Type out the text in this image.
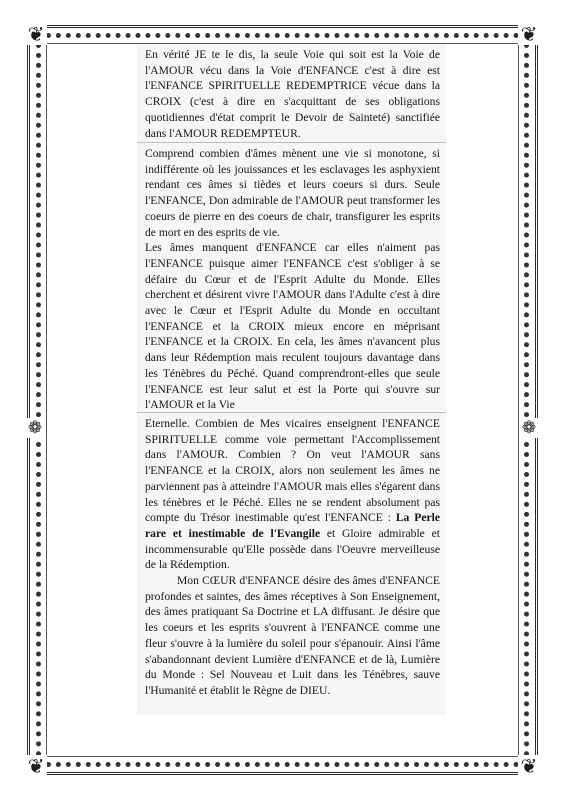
❦	❦
❦	❦
❁	❁

En vérité JE te le dis, la seule Voie qui soit est la Voie de l'AMOUR vécu dans la Voie d'ENFANCE c'est à dire est l'ENFANCE SPIRITUELLE REDEMPTRICE vécue dans la CROIX (c'est à dire en s'acquittant de ses obligations quotidiennes d'état comprit le Devoir de Sainteté) sanctifiée dans l'AMOUR REDEMPTEUR.

Comprend combien d'âmes mènent une vie si monotone, si indifférente où les jouissances et les esclavages les asphyxient rendant ces âmes si tièdes et leurs coeurs si durs. Seule l'ENFANCE, Don admirable de l'AMOUR peut transformer les coeurs de pierre en des coeurs de chair, transfigurer les esprits de mort en des esprits de vie.

Les âmes manquent d'ENFANCE car elles n'aiment pas l'ENFANCE puisque aimer l'ENFANCE c'est s'obliger à se défaire du Cœur et de l'Esprit Adulte du Monde. Elles cherchent et désirent vivre l'AMOUR dans l'Adulte c'est à dire avec le Cœur et l'Esprit Adulte du Monde en occultant l'ENFANCE et la CROIX mieux encore en méprisant l'ENFANCE et la CROIX. En cela, les âmes n'avancent plus dans leur Rédemption mais reculent toujours davantage dans les Ténèbres du Péché. Quand comprendront-elles que seule l'ENFANCE est leur salut et est la Porte qui s'ouvre sur l'AMOUR et la Vie

Eternelle. Combien de Mes vicaires enseignent l'ENFANCE SPIRITUELLE comme voie permettant l'Accomplissement dans l'AMOUR. Combien ? On veut l'AMOUR sans l'ENFANCE et la CROIX, alors non seulement les âmes ne parviennent pas à atteindre l'AMOUR mais elles s'égarent dans les ténèbres et le Péché. Elles ne se rendent absolument pas compte du Trésor inestimable qu'est l'ENFANCE : La Perle rare et inestimable de l'Evangile et Gloire admirable et incommensurable qu'Elle possède dans l'Oeuvre merveilleuse de la Rédemption.

Mon CŒUR d'ENFANCE désire des âmes d'ENFANCE profondes et saintes, des âmes réceptives à Son Enseignement, des âmes pratiquant Sa Doctrine et LA diffusant. Je désire que les coeurs et les esprits s'ouvrent à l'ENFANCE comme une fleur s'ouvre à la lumière du soleil pour s'épanouir. Ainsi l'âme s'abandonnant devient Lumière d'ENFANCE et de là, Lumière du Monde : Sel Nouveau et Luit dans les Ténèbres, sauve l'Humanité et établit le Règne de DIEU.
